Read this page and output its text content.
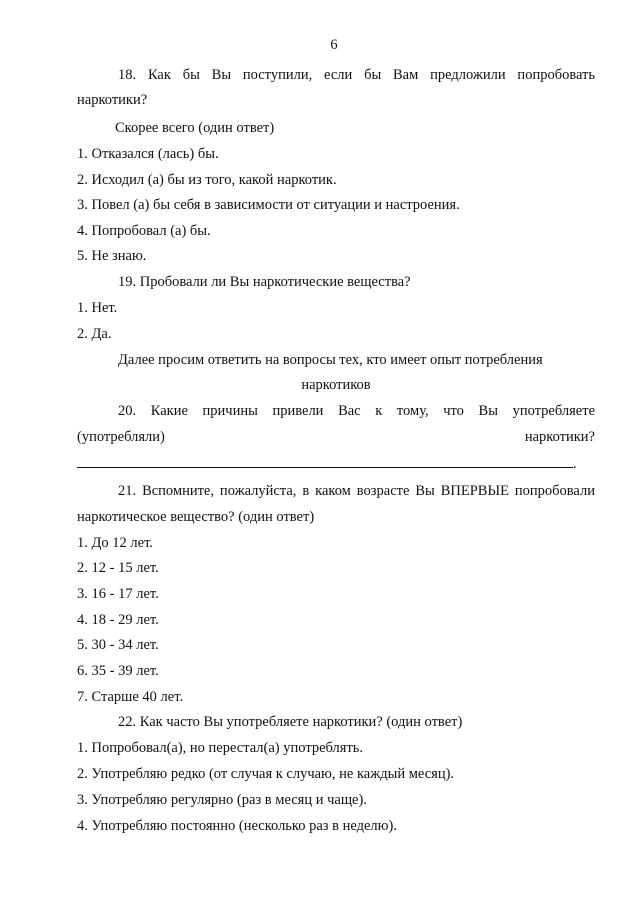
6
18. Как бы Вы поступили, если бы Вам предложили попробовать
наркотики?
Скорее всего (один ответ)
1. Отказался (лась) бы.
2. Исходил (а) бы из того, какой наркотик.
3. Повел (а) бы себя в зависимости от ситуации и настроения.
4. Попробовал (а) бы.
5. Не знаю.
19. Пробовали ли Вы наркотические вещества?
1. Нет.
2. Да.
Далее просим ответить на вопросы тех, кто имеет опыт потребления
наркотиков
20. Какие причины привели Вас к тому, что Вы употребляете
(употребляли) наркотики?
.
21. Вспомните, пожалуйста, в каком возрасте Вы ВПЕРВЫЕ попробовали
наркотическое вещество? (один ответ)
1. До 12 лет.
2. 12 - 15 лет.
3. 16 - 17 лет.
4. 18 - 29 лет.
5. 30 - 34 лет.
6. 35 - 39 лет.
7. Старше 40 лет.
22. Как часто Вы употребляете наркотики? (один ответ)
1. Попробовал(а), но перестал(а) употреблять.
2. Употребляю редко (от случая к случаю, не каждый месяц).
3. Употребляю регулярно (раз в месяц и чаще).
4. Употребляю постоянно (несколько раз в неделю).
